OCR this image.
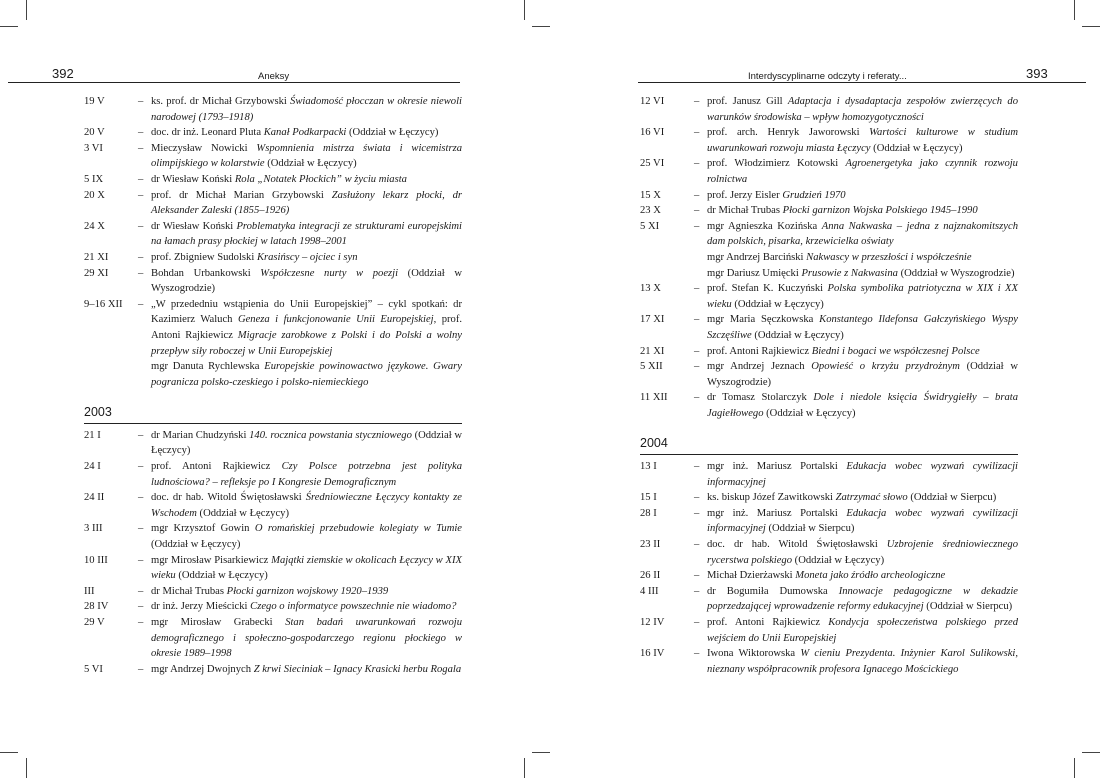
392	Aneksy
19 V	– ks. prof. dr Michał Grzybowski Świadomość płocczan w okresie niewoli narodowej (1793–1918)
20 V	– doc. dr inż. Leonard Pluta Kanał Podkarpacki (Oddział w Łęczycy)
3 VI	– Mieczysław Nowicki Wspomnienia mistrza świata i wicemistrza olimpijskiego w kolarstwie (Oddział w Łęczycy)
5 IX	– dr Wiesław Koński Rola „Notatek Płockich” w życiu miasta
20 X	– prof. dr Michał Marian Grzybowski Zasłużony lekarz płocki, dr Aleksander Zaleski (1855–1926)
24 X	– dr Wiesław Koński Problematyka integracji ze strukturami europejskimi na łamach prasy płockiej w latach 1998–2001
21 XI	– prof. Zbigniew Sudolski Krasińscy – ojciec i syn
29 XI	– Bohdan Urbankowski Współczesne nurty w poezji (Oddział w Wyszogrodzie)
9–16 XII	– „W przededniu wstąpienia do Unii Europejskiej” – cykl spotkań: dr Kazimierz Waluch Geneza i funkcjonowanie Unii Europejskiej, prof. Antoni Rajkiewicz Migracje zarobkowe z Polski i do Polski a wolny przepływ siły roboczej w Unii Europejskiej
mgr Danuta Rychlewska Europejskie powinowactwo językowe. Gwary pogranicza polsko-czeskiego i polsko-niemieckiego
2003
21 I	– dr Marian Chudzyński 140. rocznica powstania styczniowego (Oddział w Łęczycy)
24 I	– prof. Antoni Rajkiewicz Czy Polsce potrzebna jest polityka ludnościowa? – refleksje po I Kongresie Demograficznym
24 II	– doc. dr hab. Witold Świętosławski Średniowieczne Łęczycy kontakty ze Wschodem (Oddział w Łęczycy)
3 III	– mgr Krzysztof Gowin O romańskiej przebudowie kolegiaty w Tumie (Oddział w Łęczycy)
10 III	– mgr Mirosław Pisarkiewicz Majątki ziemskie w okolicach Łęczycy w XIX wieku (Oddział w Łęczycy)
III	– dr Michał Trubas Płocki garnizon wojskowy 1920–1939
28 IV	– dr inż. Jerzy Mieścicki Czego o informatyce powszechnie nie wiadomo?
29 V	– mgr Mirosław Grabecki Stan badań uwarunkowań rozwoju demograficznego i społeczno-gospodarczego regionu płockiego w okresie 1989–1998
5 VI	– mgr Andrzej Dwojnych Z krwi Sieciniak – Ignacy Krasicki herbu Rogala
Interdyscyplinarne odczyty i referaty...	393
12 VI	– prof. Janusz Gill Adaptacja i dysadaptacja zespołów zwierzęcych do warunków środowiska – wpływ homozygotyczności
16 VI	– prof. arch. Henryk Jaworowski Wartości kulturowe w studium uwarunkowań rozwoju miasta Łęczycy (Oddział w Łęczycy)
25 VI	– prof. Włodzimierz Kotowski Agroenergetyka jako czynnik rozwoju rolnictwa
15 X	– prof. Jerzy Eisler Grudzień 1970
23 X	– dr Michał Trubas Płocki garnizon Wojska Polskiego 1945–1990
5 XI	– mgr Agnieszka Kozińska Anna Nakwaska – jedna z najznakomitszych dam polskich, pisarka, krzewicielka oświaty
mgr Andrzej Barciński Nakwascy w przeszłości i współcześnie
mgr Dariusz Umięcki Prusowie z Nakwasina (Oddział w Wyszogrodzie)
13 X	– prof. Stefan K. Kuczyński Polska symbolika patriotyczna w XIX i XX wieku (Oddział w Łęczycy)
17 XI	– mgr Maria Sęczkowska Konstantego Ildefonsa Gałczyńskiego Wyspy Szczęśliwe (Oddział w Łęczycy)
21 XI	– prof. Antoni Rajkiewicz Biedni i bogaci we współczesnej Polsce
5 XII	– mgr Andrzej Jeznach Opowieść o krzyżu przydrożnym (Oddział w Wyszogrodzie)
11 XII	– dr Tomasz Stolarczyk Dole i niedole księcia Świdrygiełły – brata Jagiełłowego (Oddział w Łęczycy)
2004
13 I	– mgr inż. Mariusz Portalski Edukacja wobec wyzwań cywilizacji informacyjnej
15 I	– ks. biskup Józef Zawitkowski Zatrzymać słowo (Oddział w Sierpcu)
28 I	– mgr inż. Mariusz Portalski Edukacja wobec wyzwań cywilizacji informacyjnej (Oddział w Sierpcu)
23 II	– doc. dr hab. Witold Świętosławski Uzbrojenie średniowiecznego rycerstwa polskiego (Oddział w Łęczycy)
26 II	– Michał Dzierżawski Moneta jako źródło archeologiczne
4 III	– dr Bogumiła Dumowska Innowacje pedagogiczne w dekadzie poprzedzającej wprowadzenie reformy edukacyjnej (Oddział w Sierpcu)
12 IV	– prof. Antoni Rajkiewicz Kondycja społeczeństwa polskiego przed wejściem do Unii Europejskiej
16 IV	– Iwona Wiktorowska W cieniu Prezydenta. Inżynier Karol Sulikowski, nieznany współpracownik profesora Ignacego Mościckiego
